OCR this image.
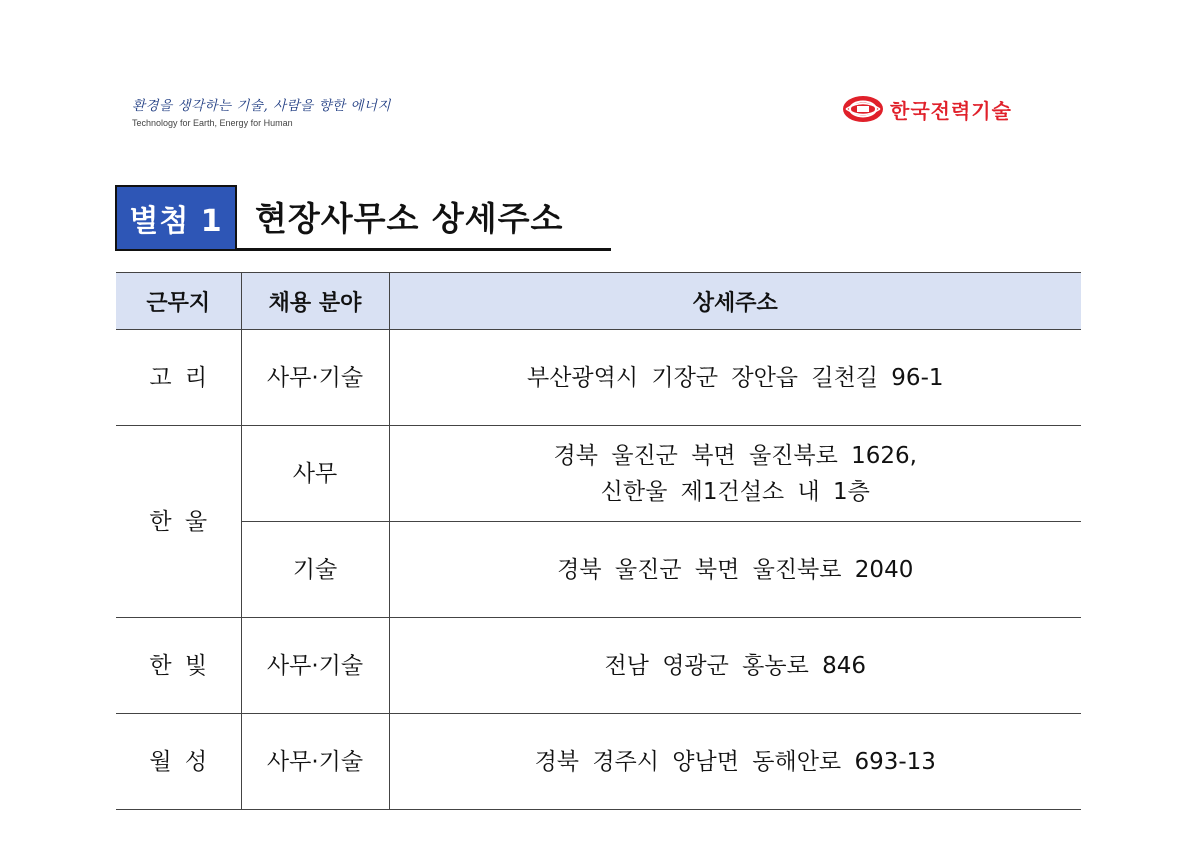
환경을 생각하는 기술, 사람을 향한 에너지
Technology for Earth, Energy for Human
한국전력기술
별첨 1 현장사무소 상세주소
근무지	채용 분야	상세주소
고 리	사무·기술	부산광역시 기장군 장안읍 길천길 96-1

한 울	사무	경북 울진군 북면 울진북로 1626,
신한울 제1건설소 내 1층

	기술	경북 울진군 북면 울진북로 2040

한 빛	사무·기술	전남 영광군 홍농로 846

월 성	사무·기술	경북 경주시 양남면 동해안로 693-13
